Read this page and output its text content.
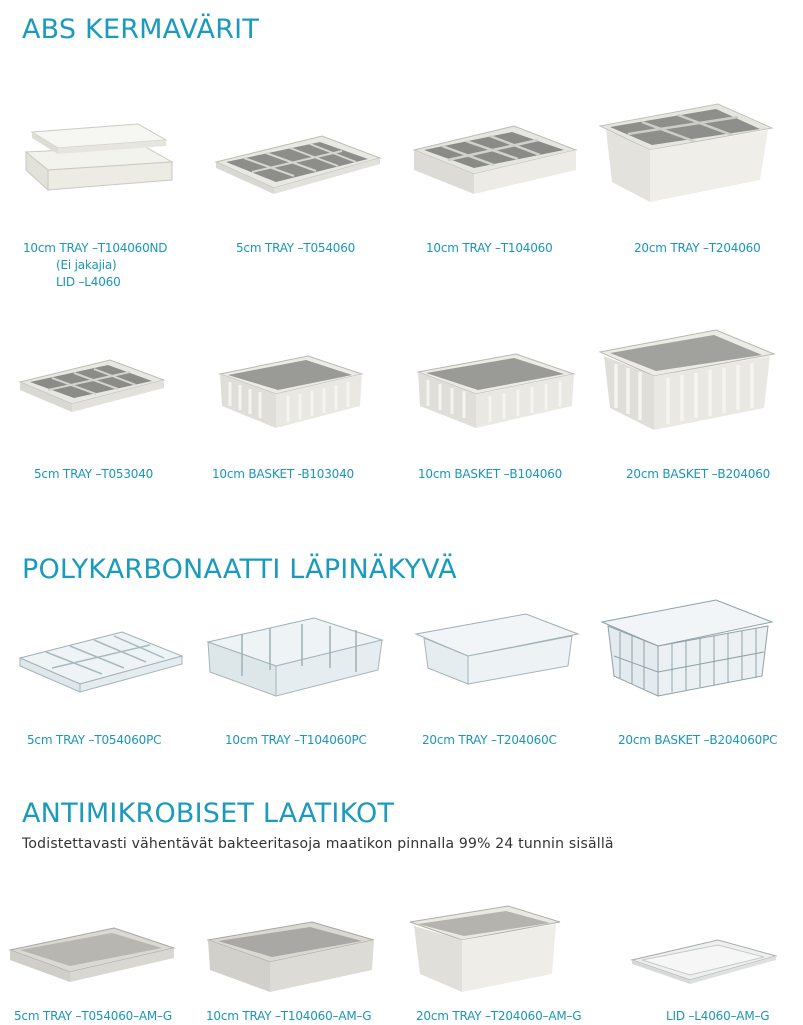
ABS KERMAVÄRIT
10cm TRAY –T104060ND
(Ei jakajia)
LID –L4060
5cm TRAY –T054060	10cm TRAY –T104060	20cm TRAY –T204060
5cm TRAY –T053040	10cm BASKET -B103040	10cm BASKET –B104060	20cm BASKET –B204060
POLYKARBONAATTI LÄPINÄKYVÄ
5cm TRAY –T054060PC	10cm TRAY –T104060PC	20cm TRAY –T204060C	20cm BASKET –B204060PC
ANTIMIKROBISET LAATIKOT
Todistettavasti vähentävät bakteeritasoja maatikon pinnalla 99% 24 tunnin sisällä
5cm TRAY –T054060–AM–G	10cm TRAY –T104060–AM–G	20cm TRAY –T204060–AM–G	LID –L4060–AM–G
